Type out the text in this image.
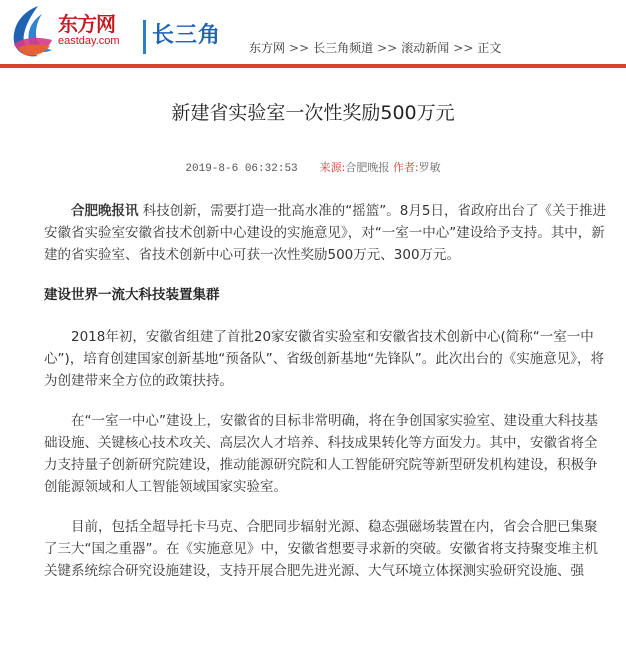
东方网
eastday.com	长三角 东方网 >> 长三角频道 >> 滚动新闻 >> 正文
新建省实验室一次性奖励500万元
2019-8-6 06:32:53 来源:合肥晚报 作者:罗敏

合肥晚报讯 科技创新，需要打造一批高水准的“摇篮”。8月5日，省政府出台了《关于推进安徽省实验室安徽省技术创新中心建设的实施意见》，对“一室一中心”建设给予支持。其中，新建的省实验室、省技术创新中心可获一次性奖励500万元、300万元。

建设世界一流大科技装置集群

2018年初，安徽省组建了首批20家安徽省实验室和安徽省技术创新中心(简称“一室一中心”)，培育创建国家创新基地“预备队”、省级创新基地“先锋队”。此次出台的《实施意见》，将为创建带来全方位的政策扶持。

在“一室一中心”建设上，安徽省的目标非常明确，将在争创国家实验室、建设重大科技基础设施、关键核心技术攻关、高层次人才培养、科技成果转化等方面发力。其中，安徽省将全力支持量子创新研究院建设，推动能源研究院和人工智能研究院等新型研发机构建设，积极争创能源领域和人工智能领域国家实验室。

目前，包括全超导托卡马克、合肥同步辐射光源、稳态强磁场装置在内，省会合肥已集聚了三大“国之重器”。在《实施意见》中，安徽省想要寻求新的突破。安徽省将支持聚变堆主机关键系统综合研究设施建设，支持开展合肥先进光源、大气环境立体探测实验研究设施、强
